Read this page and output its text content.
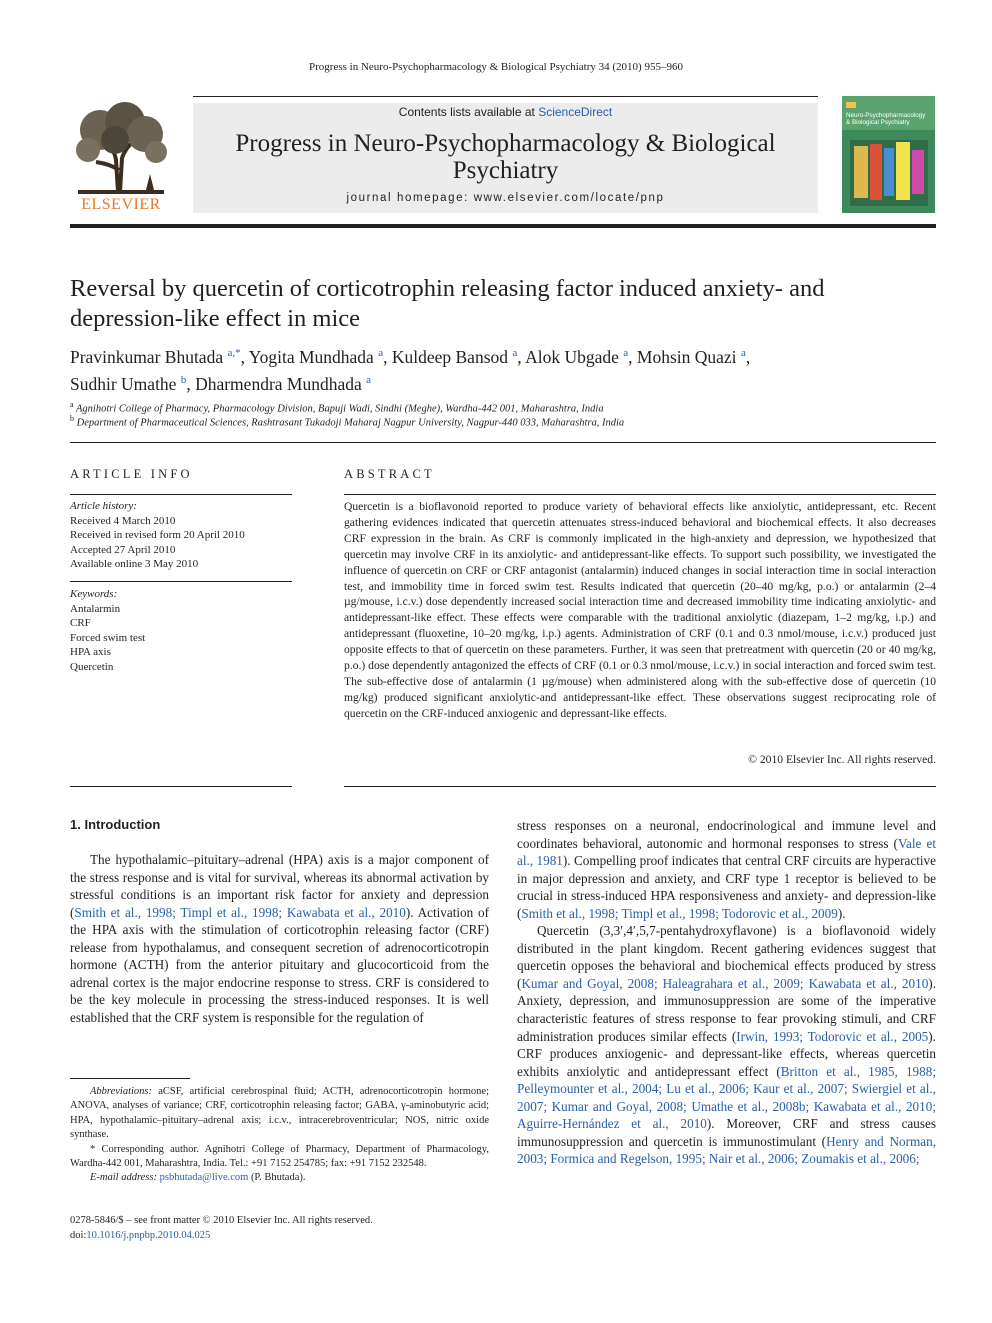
Progress in Neuro-Psychopharmacology & Biological Psychiatry 34 (2010) 955–960
ELSEVIER
Contents lists available at ScienceDirect
Progress in Neuro-Psychopharmacology & Biological
Psychiatry
journal homepage: www.elsevier.com/locate/pnp
Neuro-Psychopharmacology
& Biological Psychiatry
Reversal by quercetin of corticotrophin releasing factor induced anxiety- and
depression-like effect in mice
Pravinkumar Bhutada $^{a,*}$, Yogita Mundhada $^a$, Kuldeep Bansod $^a$, Alok Ubgade $^a$, Mohsin Quazi $^a$,
Sudhir Umathe $^b$, Dharmendra Mundhada $^a$
$^a$ Agnihotri College of Pharmacy, Pharmacology Division, Bapuji Wadi, Sindhi (Meghe), Wardha-442 001, Maharashtra, India
$^b$ Department of Pharmaceutical Sciences, Rashtrasant Tukadoji Maharaj Nagpur University, Nagpur-440 033, Maharashtra, India
ARTICLE INFO
Article history:
Received 4 March 2010
Received in revised form 20 April 2010
Accepted 27 April 2010
Available online 3 May 2010
Keywords:
Antalarmin
CRF
Forced swim test
HPA axis
Quercetin
ABSTRACT
Quercetin is a bioflavonoid reported to produce variety of behavioral effects like anxiolytic, antidepressant, etc. Recent gathering evidences indicated that quercetin attenuates stress-induced behavioral and biochemical effects. It also decreases CRF expression in the brain. As CRF is commonly implicated in the high-anxiety and depression, we hypothesized that quercetin may involve CRF in its anxiolytic- and antidepressant-like effects. To support such possibility, we investigated the influence of quercetin on CRF or CRF antagonist (antalarmin) induced changes in social interaction time in social interaction test, and immobility time in forced swim test. Results indicated that quercetin (20–40 mg/kg, p.o.) or antalarmin (2–4 µg/mouse, i.c.v.) dose dependently increased social interaction time and decreased immobility time indicating anxiolytic- and antidepressant-like effect. These effects were comparable with the traditional anxiolytic (diazepam, 1–2 mg/kg, i.p.) and antidepressant (fluoxetine, 10–20 mg/kg, i.p.) agents. Administration of CRF (0.1 and 0.3 nmol/mouse, i.c.v.) produced just opposite effects to that of quercetin on these parameters. Further, it was seen that pretreatment with quercetin (20 or 40 mg/kg, p.o.) dose dependently antagonized the effects of CRF (0.1 or 0.3 nmol/mouse, i.c.v.) in social interaction and forced swim test. The sub-effective dose of antalarmin (1 µg/mouse) when administered along with the sub-effective dose of quercetin (10 mg/kg) produced significant anxiolytic-and antidepressant-like effect. These observations suggest reciprocating role of quercetin on the CRF-induced anxiogenic and depressant-like effects.
© 2010 Elsevier Inc. All rights reserved.
1. Introduction

The hypothalamic–pituitary–adrenal (HPA) axis is a major component of the stress response and is vital for survival, whereas its abnormal activation by stressful conditions is an important risk factor for anxiety and depression (Smith et al., 1998; Timpl et al., 1998; Kawabata et al., 2010). Activation of the HPA axis with the stimulation of corticotrophin releasing factor (CRF) release from hypothalamus, and consequent secretion of adrenocorticotropin hormone (ACTH) from the anterior pituitary and glucocorticoid from the adrenal cortex is the major endocrine response to stress. CRF is considered to be the key molecule in processing the stress-induced responses. It is well established that the CRF system is responsible for the regulation of

stress responses on a neuronal, endocrinological and immune level and coordinates behavioral, autonomic and hormonal responses to stress (Vale et al., 1981). Compelling proof indicates that central CRF circuits are hyperactive in major depression and anxiety, and CRF type 1 receptor is believed to be crucial in stress-induced HPA responsiveness and anxiety- and depression-like (Smith et al., 1998; Timpl et al., 1998; Todorovic et al., 2009).

Quercetin (3,3′,4′,5,7-pentahydroxyflavone) is a bioflavonoid widely distributed in the plant kingdom. Recent gathering evidences suggest that quercetin opposes the behavioral and biochemical effects produced by stress (Kumar and Goyal, 2008; Haleagrahara et al., 2009; Kawabata et al., 2010). Anxiety, depression, and immunosuppression are some of the imperative characteristic features of stress response to fear provoking stimuli, and CRF administration produces similar effects (Irwin, 1993; Todorovic et al., 2005). CRF produces anxiogenic- and depressant-like effects, whereas quercetin exhibits anxiolytic and antidepressant effect (Britton et al., 1985, 1988; Pelleymounter et al., 2004; Lu et al., 2006; Kaur et al., 2007; Swiergiel et al., 2007; Kumar and Goyal, 2008; Umathe et al., 2008b; Kawabata et al., 2010; Aguirre-Hernández et al., 2010). Moreover, CRF and stress causes immunosuppression and quercetin is immunostimulant (Henry and Norman, 2003; Formica and Regelson, 1995; Nair et al., 2006; Zoumakis et al., 2006;

Abbreviations: aCSF, artificial cerebrospinal fluid; ACTH, adrenocorticotropin hormone; ANOVA, analyses of variance; CRF, corticotrophin releasing factor; GABA, γ-aminobutyric acid; HPA, hypothalamic–pituitary–adrenal axis; i.c.v., intracerebroventricular; NOS, nitric oxide synthase.

* Corresponding author. Agnihotri College of Pharmacy, Department of Pharmacology, Wardha-442 001, Maharashtra, India. Tel.: +91 7152 254785; fax: +91 7152 232548.

E-mail address: psbhutada@live.com (P. Bhutada).

0278-5846/$ – see front matter © 2010 Elsevier Inc. All rights reserved.
doi:10.1016/j.pnpbp.2010.04.025
